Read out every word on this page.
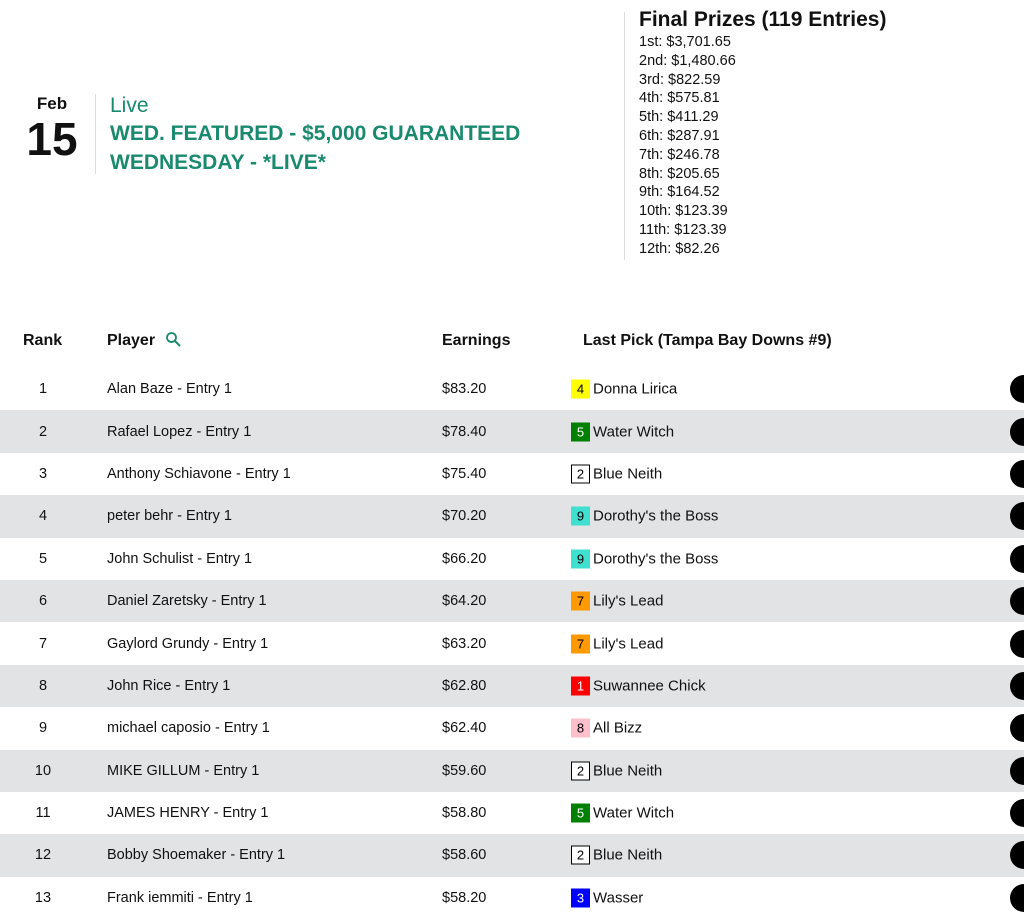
Feb
15
Live
WED. FEATURED - $5,000 GUARANTEED
WEDNESDAY - *LIVE*
Final Prizes (119 Entries)
1st: $3,701.65
2nd: $1,480.66
3rd: $822.59
4th: $575.81
5th: $411.29
6th: $287.91
7th: $246.78
8th: $205.65
9th: $164.52
10th: $123.39
11th: $123.39
12th: $82.26
Rank	Player	Earnings	Last Pick (Tampa Bay Downs #9)
1	Alan Baze - Entry 1	$83.20	4 Donna Lirica
2	Rafael Lopez - Entry 1	$78.40	5 Water Witch
3	Anthony Schiavone - Entry 1	$75.40	2 Blue Neith
4	peter behr - Entry 1	$70.20	9 Dorothy's the Boss
5	John Schulist - Entry 1	$66.20	9 Dorothy's the Boss
6	Daniel Zaretsky - Entry 1	$64.20	7 Lily's Lead
7	Gaylord Grundy - Entry 1	$63.20	7 Lily's Lead
8	John Rice - Entry 1	$62.80	1 Suwannee Chick
9	michael caposio - Entry 1	$62.40	8 All Bizz
10	MIKE GILLUM - Entry 1	$59.60	2 Blue Neith
11	JAMES HENRY - Entry 1	$58.80	5 Water Witch
12	Bobby Shoemaker - Entry 1	$58.60	2 Blue Neith
13	Frank iemmiti - Entry 1	$58.20	3 Wasser
